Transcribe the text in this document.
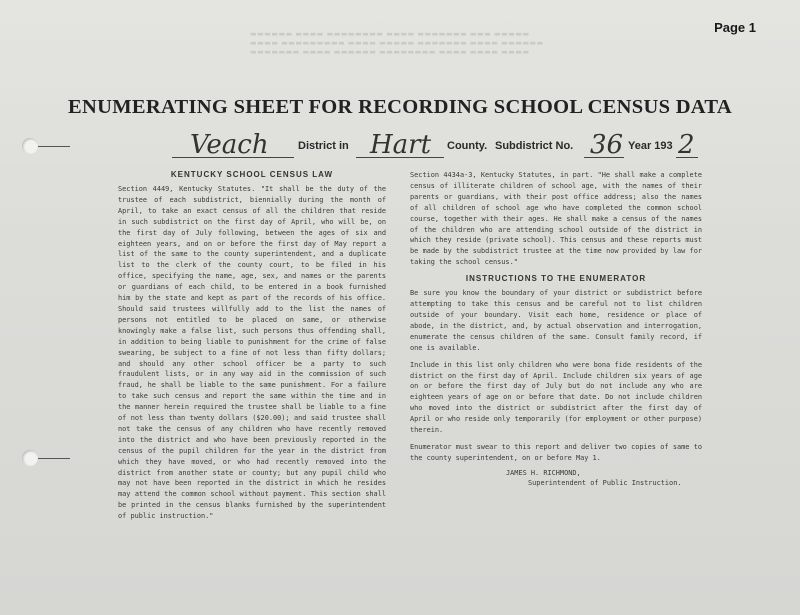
▬▬▬▬▬▬ ▬▬▬▬ ▬▬▬▬▬▬▬▬ ▬▬▬▬ ▬▬▬▬▬▬▬ ▬▬▬ ▬▬▬▬▬
▬▬▬▬ ▬▬▬▬▬▬▬▬▬ ▬▬▬▬ ▬▬▬▬▬ ▬▬▬▬▬▬▬ ▬▬▬▬ ▬▬▬▬▬▬
▬▬▬▬▬▬▬ ▬▬▬▬ ▬▬▬▬▬▬ ▬▬▬▬▬▬▬▬ ▬▬▬▬ ▬▬▬▬ ▬▬▬▬
Page 1
ENUMERATING SHEET FOR RECORDING SCHOOL CENSUS DATA
Veach	District in Hart County. Subdistrict No. 36 Year 193 2
KENTUCKY SCHOOL CENSUS LAW

Section 4449, Kentucky Statutes. "It shall be the duty of the trustee of each subdistrict, biennially during the month of April, to take an exact census of all the children that reside in such subdistrict on the first day of April, who will be, on the first day of July following, between the ages of six and eighteen years, and on or before the first day of May report a list of the same to the county superintendent, and a duplicate list to the clerk of the county court, to be filed in his office, specifying the name, age, sex, and names or the parents or guardians of each child, to be entered in a book furnished him by the state and kept as part of the records of his office. Should said trustees willfully add to the list the names of persons not entitled to be placed on same, or otherwise knowingly make a false list, such persons thus offending shall, in addition to being liable to punishment for the crime of false swearing, be subject to a fine of not less than fifty dollars; and should any other school officer be a party to such fraudulent lists, or in any way aid in the commission of such fraud, he shall be liable to the same punishment. For a failure to take such census and report the same within the time and in the manner herein required the trustee shall be liable to a fine of not less than twenty dollars ($20.00); and said trustee shall not take the census of any children who have recently removed into the district and who have been previously reported in the census of the pupil children for the year in the district from which they have moved, or who had recently removed into the district from another state or county; but any pupil child who may not have been reported in the district in which he resides may attend the common school without payment. This section shall be printed in the census blanks furnished by the superintendent of public instruction."

Section 4434a-3, Kentucky Statutes, in part. "He shall make a complete census of illiterate children of school age, with the names of their parents or guardians, with their post office address; also the names of all children of school age who have completed the common school course, together with their ages. He shall make a census of the names of the children who are attending school outside of the district in which they reside (private school). This census and these reports must be made by the subdistrict trustee at the time now provided by law for taking the school census."

INSTRUCTIONS TO THE ENUMERATOR

Be sure you know the boundary of your district or subdistrict before attempting to take this census and be careful not to list children outside of your boundary. Visit each home, residence or place of abode, in the district, and, by actual observation and interrogation, enumerate the census children of the same. Consult family record, if one is available.

Include in this list only children who were bona fide residents of the district on the first day of April. Include children six years of age on or before the first day of July but do not include any who are eighteen years of age on or before that date. Do not include children who moved into the district or subdistrict after the first day of April or who reside only temporarily (for employment or other purpose) therein.

Enumerator must swear to this report and deliver two copies of same to the county superintendent, on or before May 1.

JAMES H. RICHMOND,
Superintendent of Public Instruction.
